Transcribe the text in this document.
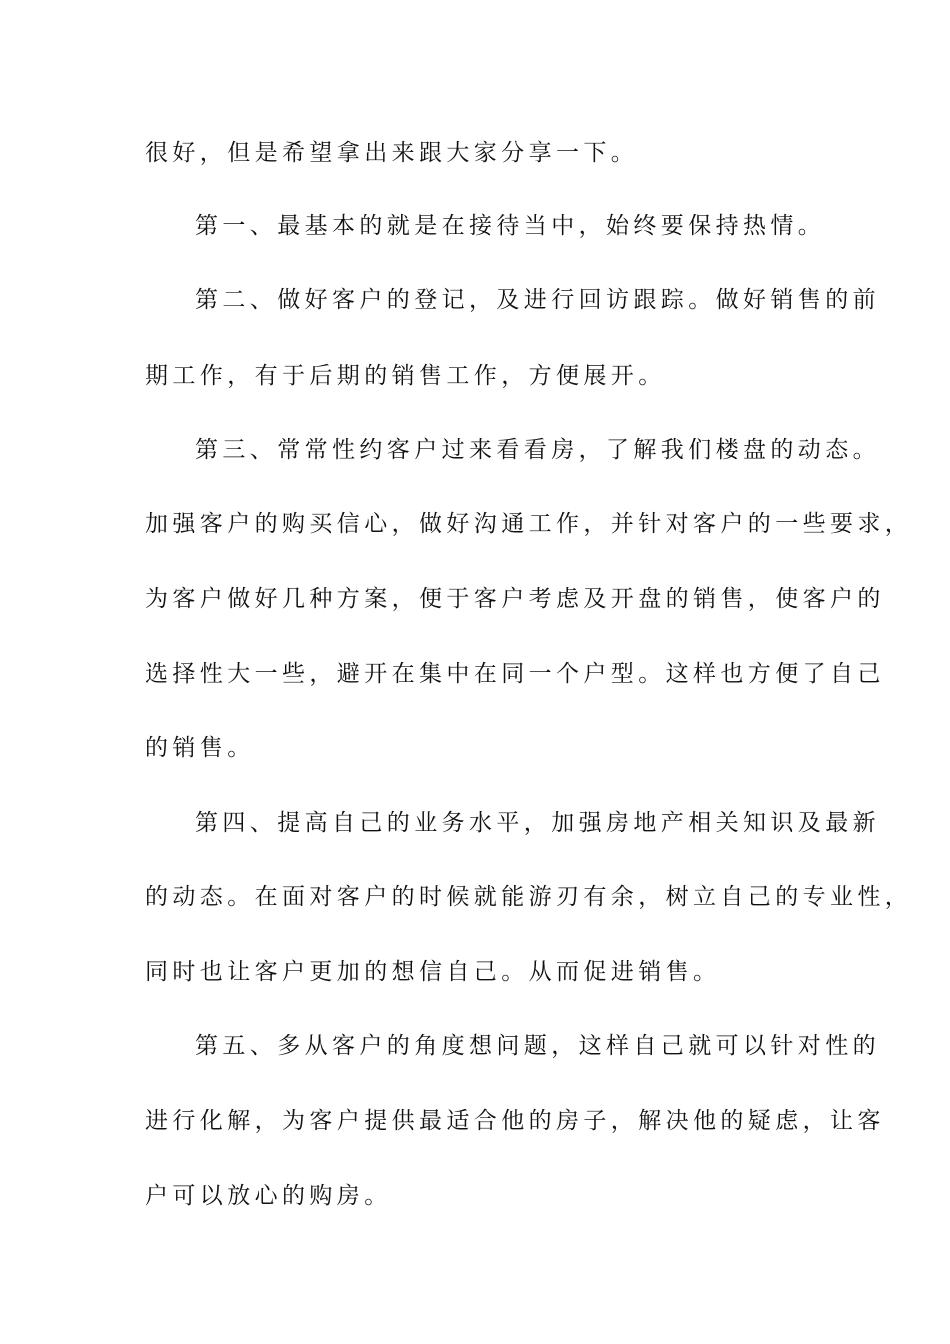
很好，但是希望拿出来跟大家分享一下。
第一、最基本的就是在接待当中，始终要保持热情。
第二、做好客户的登记，及进行回访跟踪。做好销售的前
期工作，有于后期的销售工作，方便展开。
第三、常常性约客户过来看看房，了解我们楼盘的动态。
加强客户的购买信心，做好沟通工作，并针对客户的一些要求，
为客户做好几种方案，便于客户考虑及开盘的销售，使客户的
选择性大一些，避开在集中在同一个户型。这样也方便了自己
的销售。
第四、提高自己的业务水平，加强房地产相关知识及最新
的动态。在面对客户的时候就能游刃有余，树立自己的专业性，
同时也让客户更加的想信自己。从而促进销售。
第五、多从客户的角度想问题，这样自己就可以针对性的
进行化解，为客户提供最适合他的房子，解决他的疑虑，让客
户可以放心的购房。
